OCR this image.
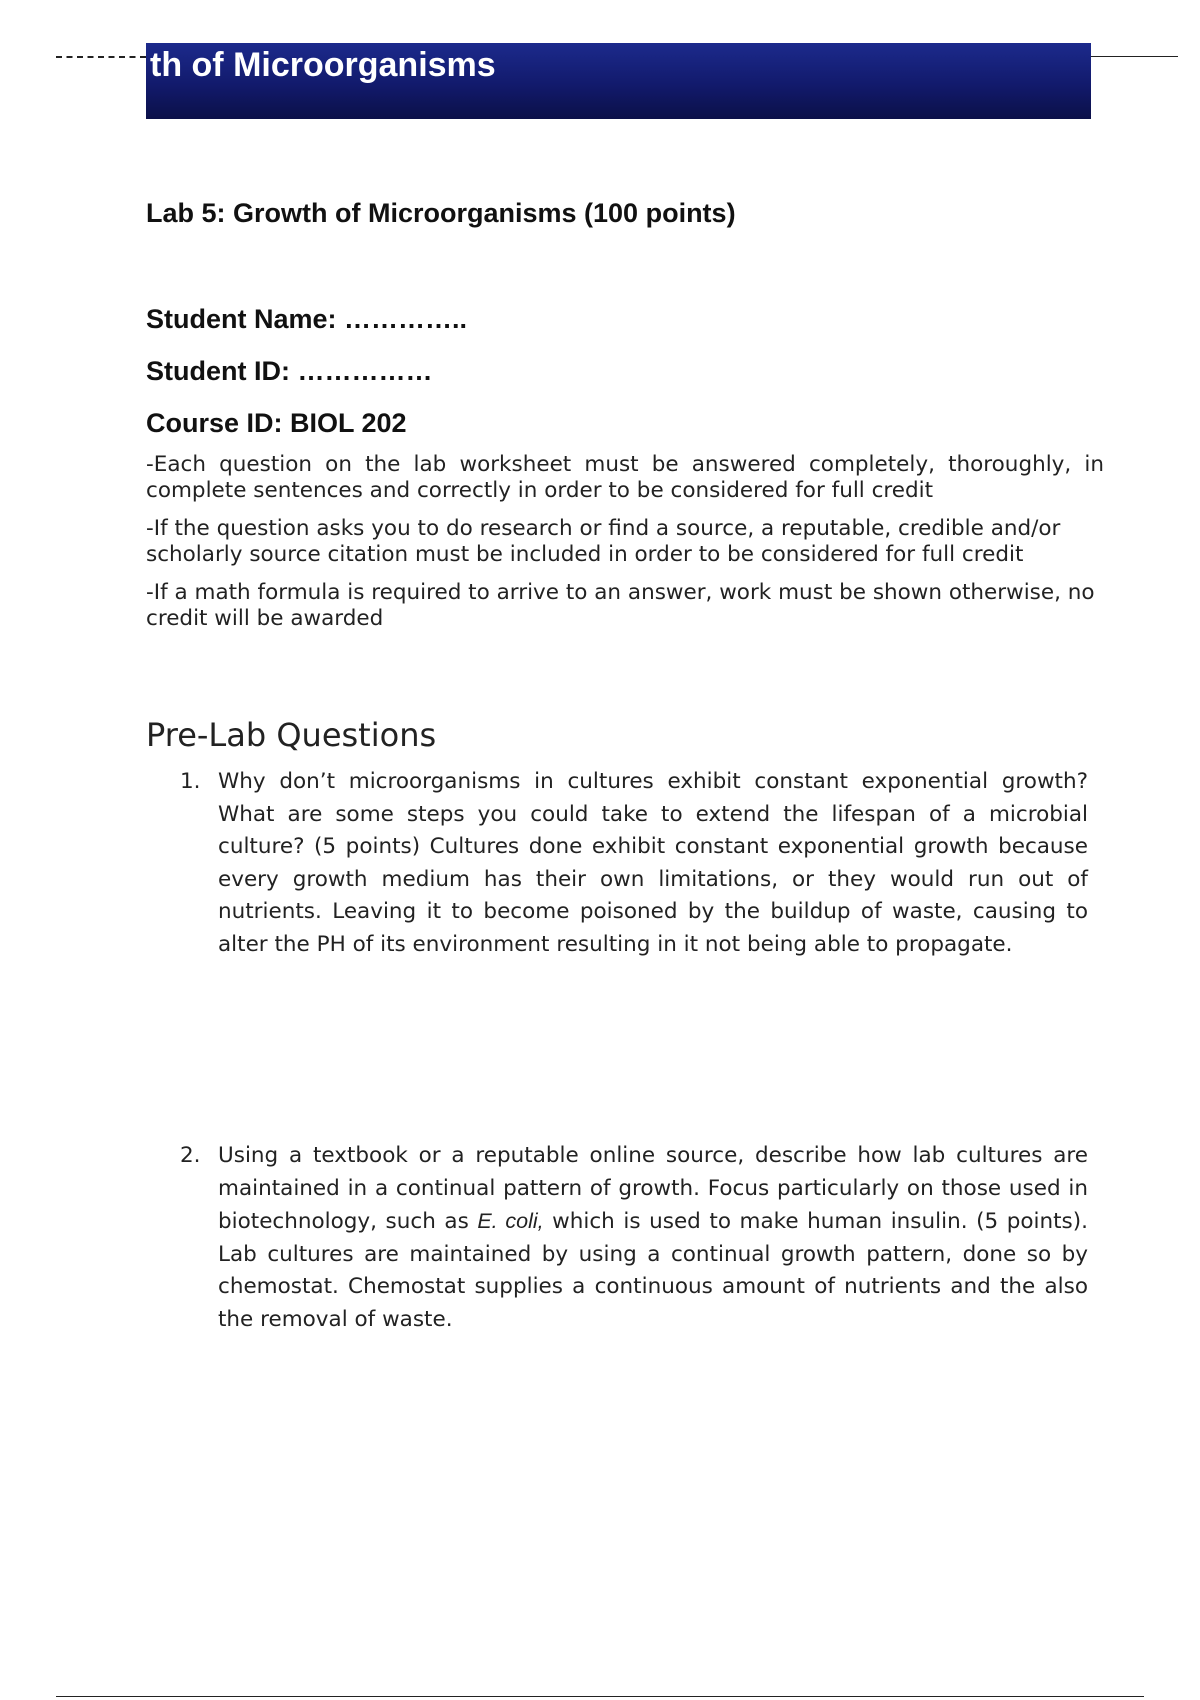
th of Microorganisms
Lab 5: Growth of Microorganisms (100 points)
Student Name: …………..
Student ID: ……………
Course ID: BIOL 202

-Each question on the lab worksheet must be answered completely, thoroughly, in complete sentences and correctly in order to be considered for full credit

-If the question asks you to do research or find a source, a reputable, credible and/or scholarly source citation must be included in order to be considered for full credit

-If a math formula is required to arrive to an answer, work must be shown otherwise, no credit will be awarded

Pre-Lab Questions
1. Why don’t microorganisms in cultures exhibit constant exponential growth? What are some steps you could take to extend the lifespan of a microbial culture? (5 points) Cultures done exhibit constant exponential growth because every growth medium has their own limitations, or they would run out of nutrients. Leaving it to become poisoned by the buildup of waste, causing to alter the PH of its environment resulting in it not being able to propagate.
2. Using a textbook or a reputable online source, describe how lab cultures are maintained in a continual pattern of growth. Focus particularly on those used in biotechnology, such as E. coli, which is used to make human insulin. (5 points). Lab cultures are maintained by using a continual growth pattern, done so by chemostat. Chemostat supplies a continuous amount of nutrients and the also the removal of waste.
